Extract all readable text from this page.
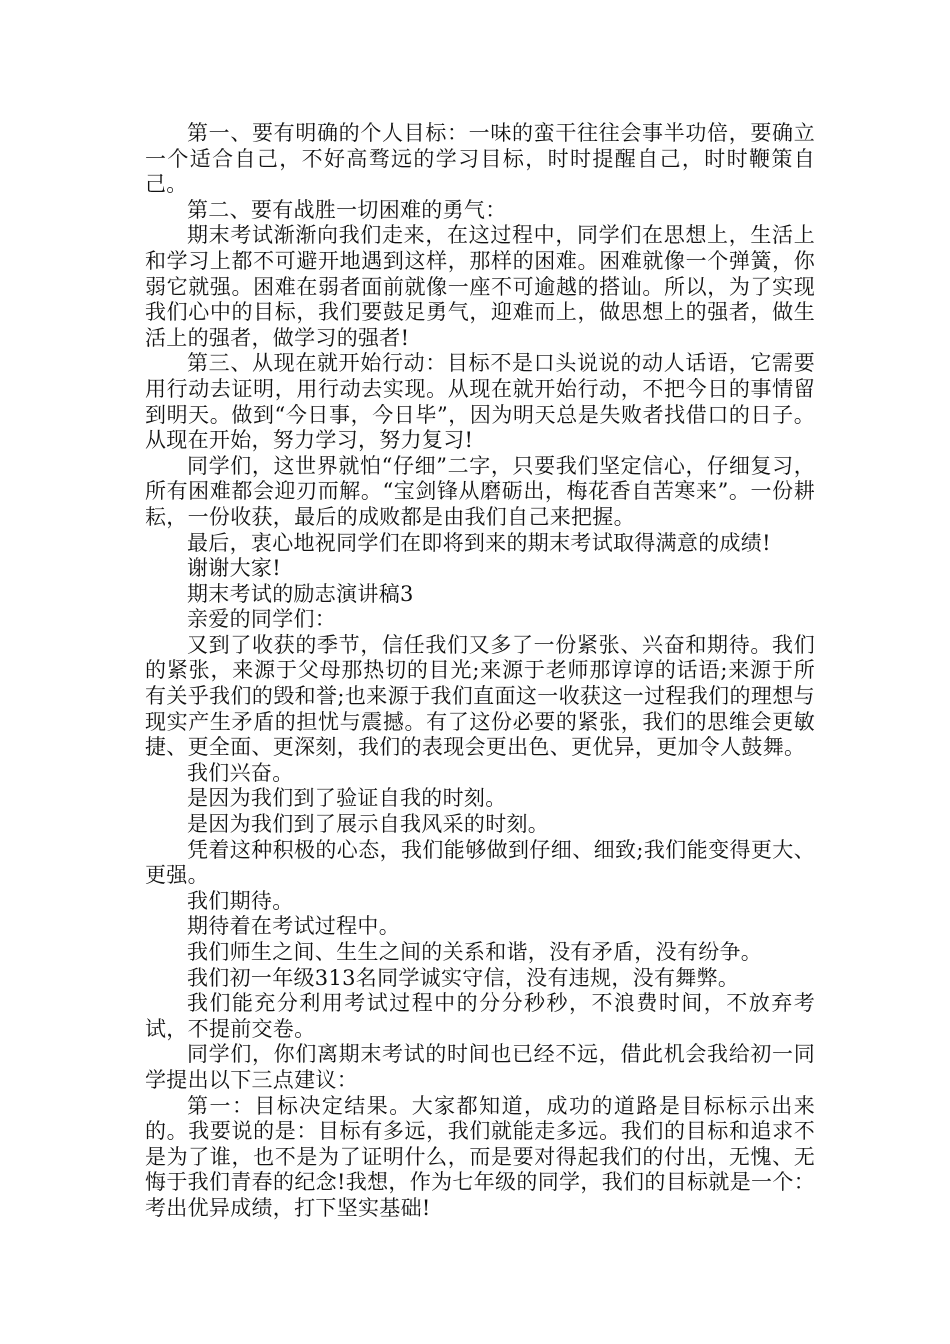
第一、要有明确的个人目标：一味的蛮干往往会事半功倍，要确立一个适合自己，不好高骛远的学习目标，时时提醒自己，时时鞭策自己。

第二、要有战胜一切困难的勇气：

期末考试渐渐向我们走来，在这过程中，同学们在思想上，生活上和学习上都不可避开地遇到这样，那样的困难。困难就像一个弹簧，你弱它就强。困难在弱者面前就像一座不可逾越的搭讪。所以，为了实现我们心中的目标，我们要鼓足勇气，迎难而上，做思想上的强者，做生活上的强者，做学习的强者!

第三、从现在就开始行动：目标不是口头说说的动人话语，它需要用行动去证明，用行动去实现。从现在就开始行动，不把今日的事情留到明天。做到“今日事，今日毕”，因为明天总是失败者找借口的日子。从现在开始，努力学习，努力复习!

同学们，这世界就怕“仔细”二字，只要我们坚定信心，仔细复习，所有困难都会迎刃而解。“宝剑锋从磨砺出，梅花香自苦寒来”。一份耕耘，一份收获，最后的成败都是由我们自己来把握。

最后，衷心地祝同学们在即将到来的期末考试取得满意的成绩!

谢谢大家!

期末考试的励志演讲稿3

亲爱的同学们：

又到了收获的季节，信任我们又多了一份紧张、兴奋和期待。我们的紧张，来源于父母那热切的目光;来源于老师那谆谆的话语;来源于所有关乎我们的毁和誉;也来源于我们直面这一收获这一过程我们的理想与现实产生矛盾的担忧与震撼。有了这份必要的紧张，我们的思维会更敏捷、更全面、更深刻，我们的表现会更出色、更优异，更加令人鼓舞。

我们兴奋。

是因为我们到了验证自我的时刻。

是因为我们到了展示自我风采的时刻。

凭着这种积极的心态，我们能够做到仔细、细致;我们能变得更大、更强。

我们期待。

期待着在考试过程中。

我们师生之间、生生之间的关系和谐，没有矛盾，没有纷争。

我们初一年级313名同学诚实守信，没有违规，没有舞弊。

我们能充分利用考试过程中的分分秒秒，不浪费时间，不放弃考试，不提前交卷。

同学们，你们离期末考试的时间也已经不远，借此机会我给初一同学提出以下三点建议：

第一：目标决定结果。大家都知道，成功的道路是目标标示出来的。我要说的是：目标有多远，我们就能走多远。我们的目标和追求不是为了谁，也不是为了证明什么，而是要对得起我们的付出，无愧、无悔于我们青春的纪念!我想，作为七年级的同学，我们的目标就是一个：考出优异成绩，打下坚实基础!
